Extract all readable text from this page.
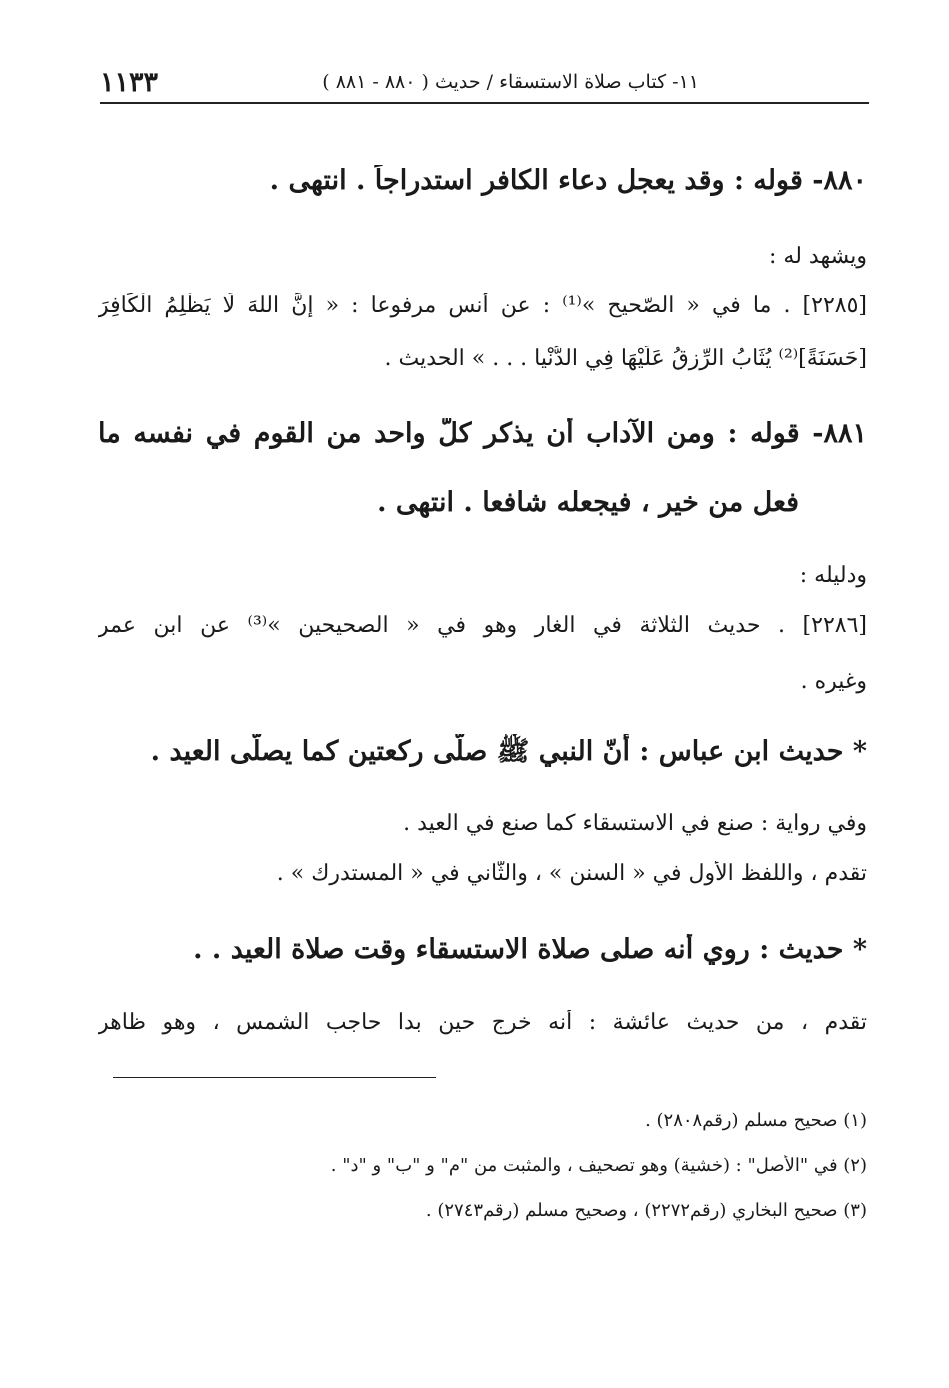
١١- كتاب صلاة الاستسقاء / حديث ( ٨٨٠ - ٨٨١ )
١١٣٣
٨٨٠- قوله : وقد يعجل دعاء الكافر استدراجاً . انتهى .
ويشهد له :
[٢٢٨٥] . ما في « الصّحيح »⁽¹⁾ : عن أنس مرفوعا : « إنَّ اللهَ لَا يَظْلِمُ الْكَافِرَ
[حَسَنَةً]⁽²⁾ يُثَابُ الرِّزقُ عَلَيْهَا فِي الدُّنْيا . . . » الحديث .
٨٨١- قوله : ومن الآداب أن يذكر كلّ واحد من القوم في نفسه ما
فعل من خير ، فيجعله شافعا . انتهى .
ودليله :
[٢٢٨٦] . حديث الثلاثة في الغار وهو في « الصحيحين »⁽³⁾ عن ابن عمر
وغيره .
* حديث ابن عباس : أنّ النبي ﷺ صلّى ركعتين كما يصلّى العيد .
وفي رواية : صنع في الاستسقاء كما صنع في العيد .
تقدم ، واللفظ الأول في « السنن » ، والثّاني في « المستدرك » .
* حديث : روي أنه صلى صلاة الاستسقاء وقت صلاة العيد . .
تقدم ، من حديث عائشة : أنه خرج حين بدا حاجب الشمس ، وهو ظاهر
(١) صحيح مسلم (رقم٢٨٠٨) .
(٢) في "الأصل" : (خشية) وهو تصحيف ، والمثبت من "م" و "ب" و "د" .
(٣) صحيح البخاري (رقم٢٢٧٢) ، وصحيح مسلم (رقم٢٧٤٣) .
